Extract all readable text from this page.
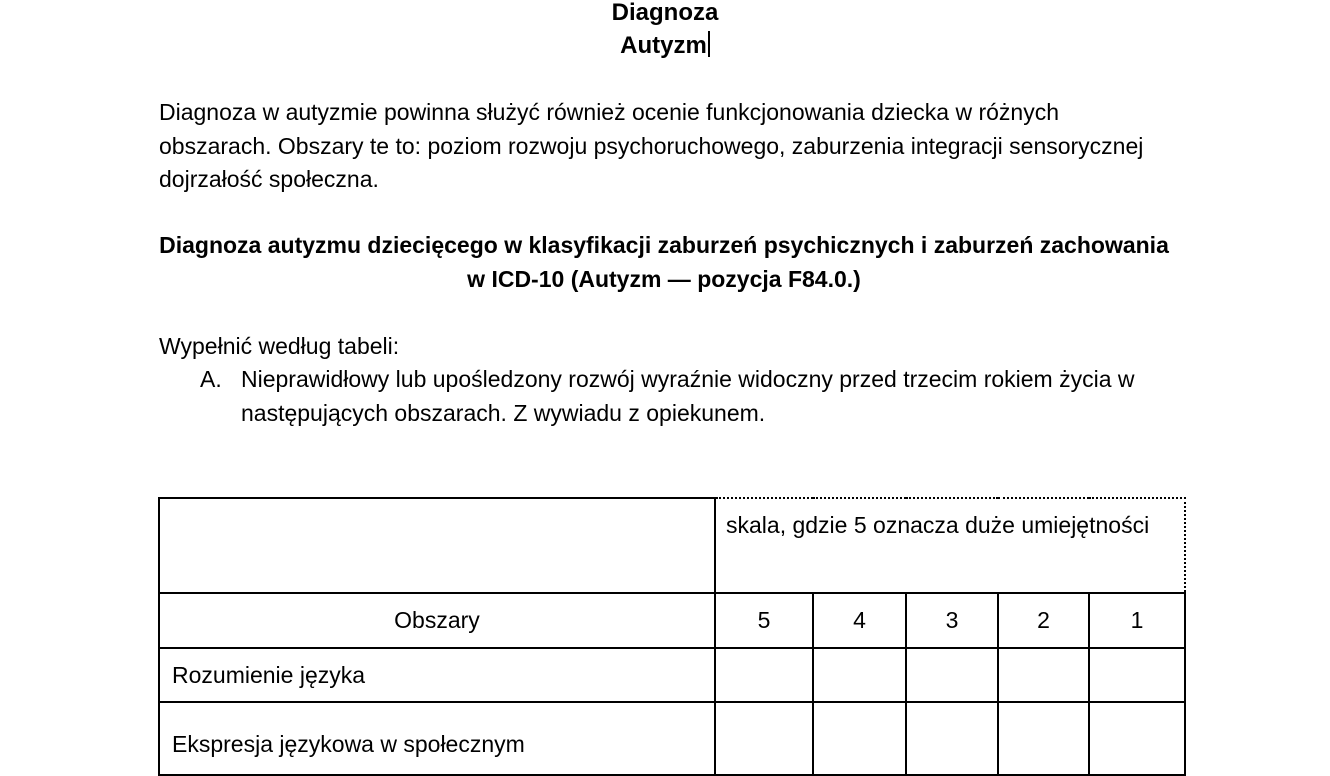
Diagnoza
Autyzm
Diagnoza w autyzmie powinna służyć również ocenie funkcjonowania dziecka w różnych obszarach. Obszary te to: poziom rozwoju psychoruchowego, zaburzenia integracji sensorycznej dojrzałość społeczna.
Diagnoza autyzmu dziecięcego w klasyfikacji zaburzeń psychicznych i zaburzeń zachowania w ICD-10 (Autyzm — pozycja F84.0.)
Wypełnić według tabeli:
A. Nieprawidłowy lub upośledzony rozwój wyraźnie widoczny przed trzecim rokiem życia w następujących obszarach. Z wywiadu z opiekunem.
	skala, gdzie 5 oznacza duże umiejętności				
Obszary	5	4	3	2	1
Rozumienie języka					
Ekspresja językowa w społecznym					
